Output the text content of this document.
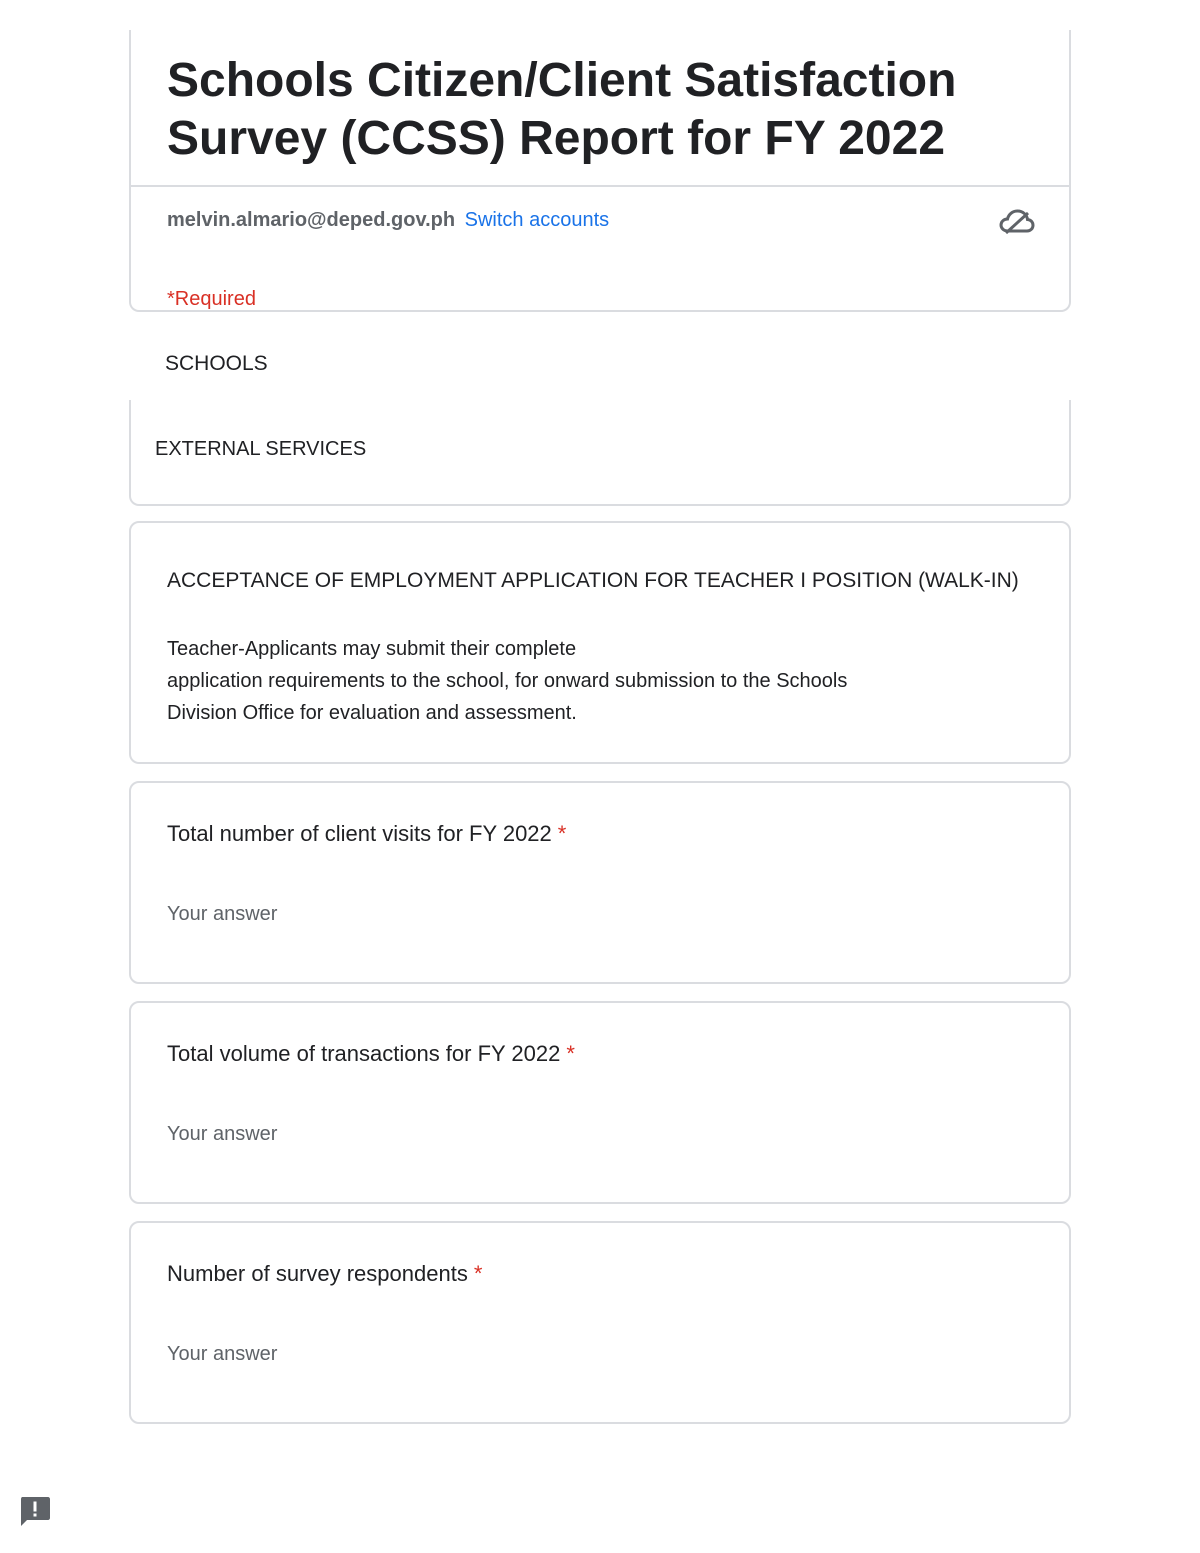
Schools Citizen/Client Satisfaction Survey (CCSS) Report for FY 2022
melvin.almario@deped.gov.ph Switch accounts
*Required
SCHOOLS
EXTERNAL SERVICES
ACCEPTANCE OF EMPLOYMENT APPLICATION FOR TEACHER I POSITION (WALK-IN)
Teacher-Applicants may submit their complete
application requirements to the school, for onward submission to the Schools
Division Office for evaluation and assessment.
Total number of client visits for FY 2022 *
Your answer
Total volume of transactions for FY 2022 *
Your answer
Number of survey respondents *
Your answer
